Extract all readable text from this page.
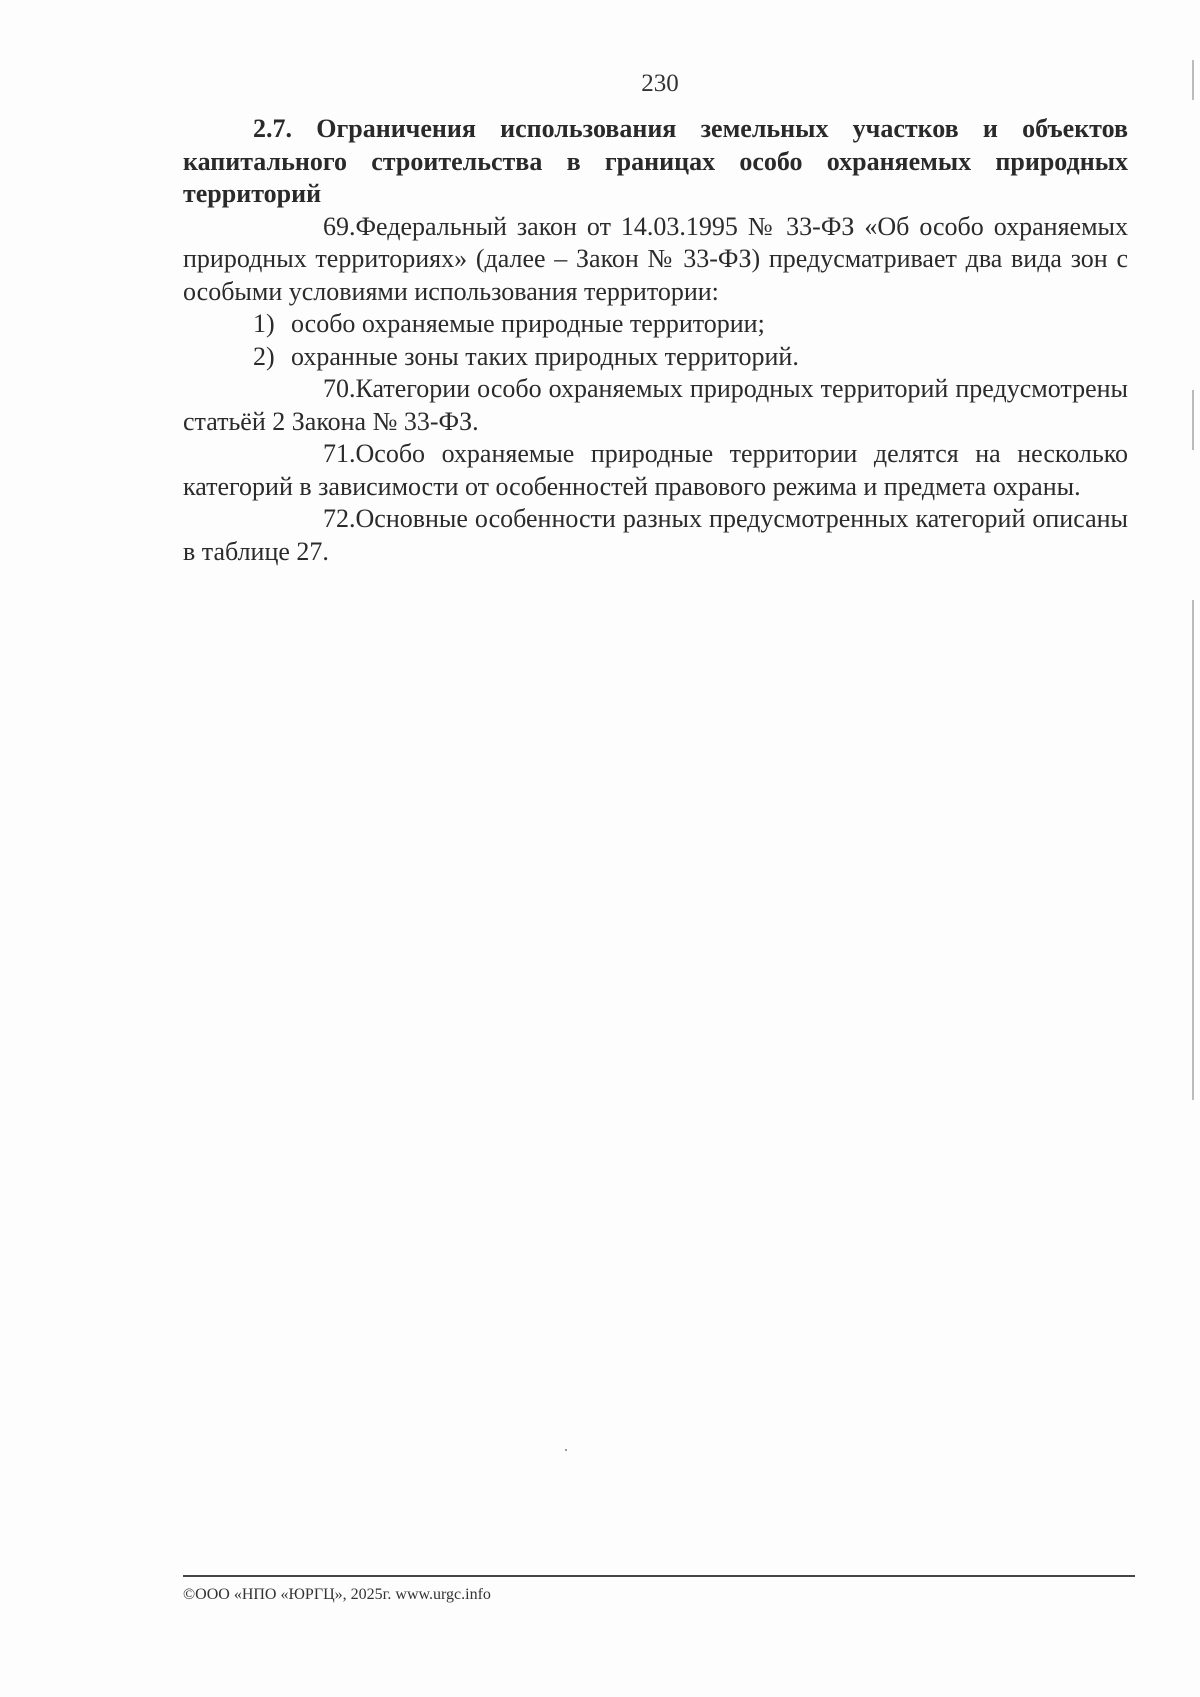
230

2.7. Ограничения использования земельных участков и объектов капитального строительства в границах особо охраняемых природных территорий

69.Федеральный закон от 14.03.1995 № 33-ФЗ «Об особо охраняемых природных территориях» (далее – Закон № 33-ФЗ) предусматривает два вида зон с особыми условиями использования территории:

1) особо охраняемые природные территории;

2) охранные зоны таких природных территорий.

70.Категории особо охраняемых природных территорий предусмотрены статьёй 2 Закона № 33-ФЗ.

71.Особо охраняемые природные территории делятся на несколько категорий в зависимости от особенностей правового режима и предмета охраны.

72.Основные особенности разных предусмотренных категорий описаны в таблице 27.

©ООО «НПО «ЮРГЦ», 2025г. www.urgc.info
